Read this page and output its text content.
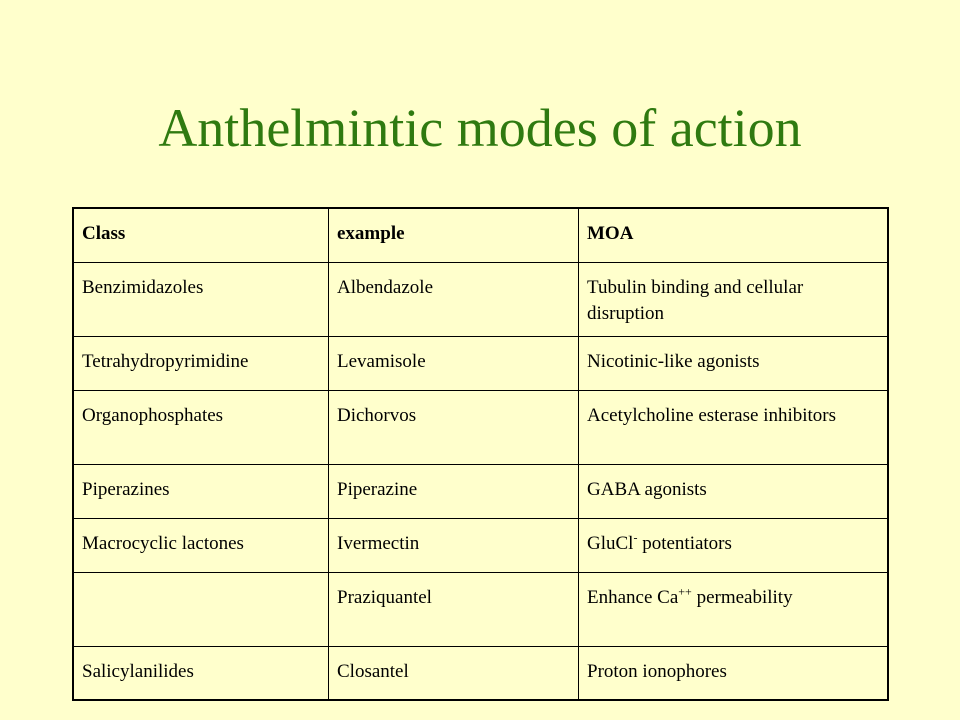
Anthelmintic modes of action
Class	example	MOA
Benzimidazoles	Albendazole	Tubulin binding and cellular disruption
Tetrahydropyrimidine	Levamisole	Nicotinic-like agonists
Organophosphates	Dichorvos	Acetylcholine esterase inhibitors
Piperazines	Piperazine	GABA agonists
Macrocyclic lactones	Ivermectin	GluCl- potentiators
	Praziquantel	Enhance Ca++ permeability
Salicylanilides	Closantel	Proton ionophores
